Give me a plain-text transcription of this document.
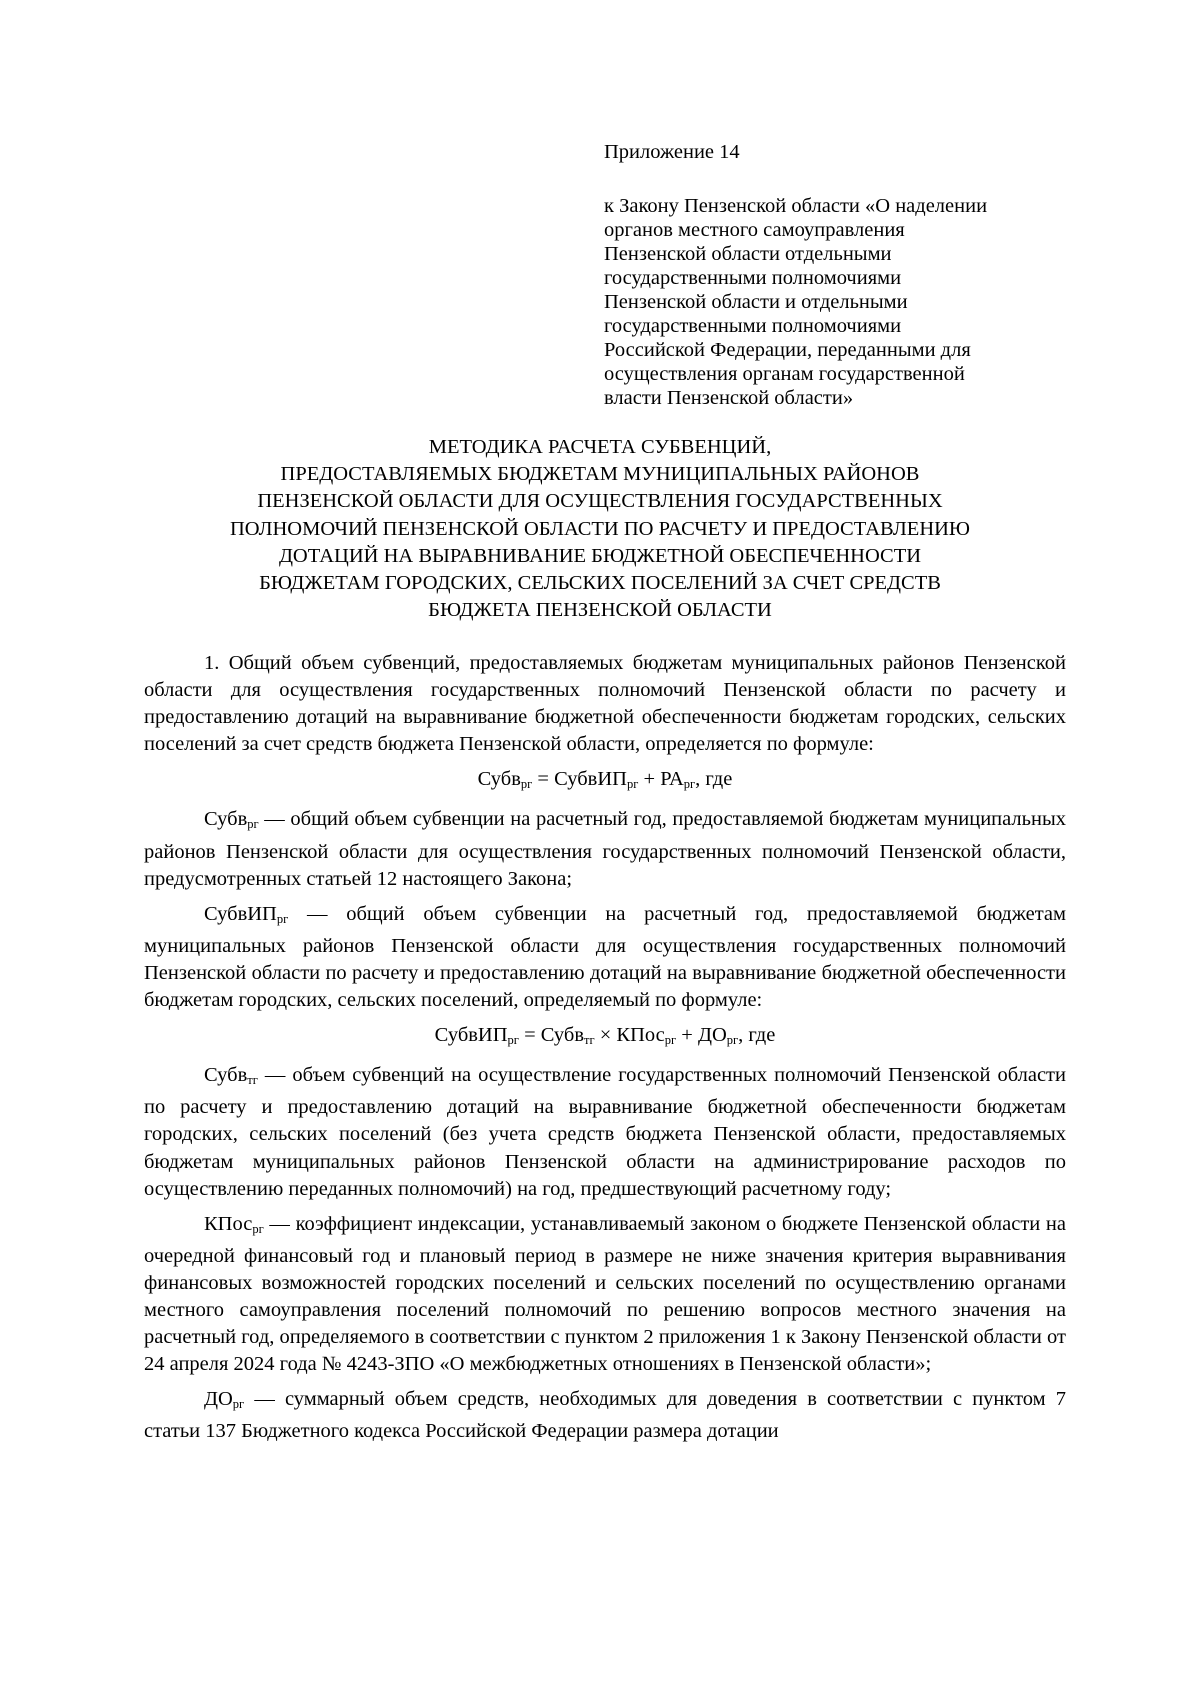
Приложение 14
к Закону Пензенской области «О наделении
органов местного самоуправления
Пензенской области отдельными
государственными полномочиями
Пензенской области и отдельными
государственными полномочиями
Российской Федерации, переданными для
осуществления органам государственной
власти Пензенской области»
МЕТОДИКА РАСЧЕТА СУБВЕНЦИЙ,
ПРЕДОСТАВЛЯЕМЫХ БЮДЖЕТАМ МУНИЦИПАЛЬНЫХ РАЙОНОВ
ПЕНЗЕНСКОЙ ОБЛАСТИ ДЛЯ ОСУЩЕСТВЛЕНИЯ ГОСУДАРСТВЕННЫХ
ПОЛНОМОЧИЙ ПЕНЗЕНСКОЙ ОБЛАСТИ ПО РАСЧЕТУ И ПРЕДОСТАВЛЕНИЮ
ДОТАЦИЙ НА ВЫРАВНИВАНИЕ БЮДЖЕТНОЙ ОБЕСПЕЧЕННОСТИ
БЮДЖЕТАМ ГОРОДСКИХ, СЕЛЬСКИХ ПОСЕЛЕНИЙ ЗА СЧЕТ СРЕДСТВ
БЮДЖЕТА ПЕНЗЕНСКОЙ ОБЛАСТИ

1. Общий объем субвенций, предоставляемых бюджетам муниципальных районов Пензенской области для осуществления государственных полномочий Пензенской области по расчету и предоставлению дотаций на выравнивание бюджетной обеспеченности бюджетам городских, сельских поселений за счет средств бюджета Пензенской области, определяется по формуле:

Субв$_{рг}$ = СубвИП$_{рг}$ + $РА_{рг}$, где

Субв$_{рг}$ — общий объем субвенции на расчетный год, предоставляемой бюджетам муниципальных районов Пензенской области для осуществления государственных полномочий Пензенской области, предусмотренных статьей 12 настоящего Закона;

СубвИП$_{рг}$ — общий объем субвенции на расчетный год, предоставляемой бюджетам муниципальных районов Пензенской области для осуществления государственных полномочий Пензенской области по расчету и предоставлению дотаций на выравнивание бюджетной обеспеченности бюджетам городских, сельских поселений, определяемый по формуле:

СубвИП$_{рг}$ = Субв$_{тг}$ × КПос$_{рг}$ + $ДО_{рг}$, где

Субв$_{тг}$ — объем субвенций на осуществление государственных полномочий Пензенской области по расчету и предоставлению дотаций на выравнивание бюджетной обеспеченности бюджетам городских, сельских поселений (без учета средств бюджета Пензенской области, предоставляемых бюджетам муниципальных районов Пензенской области на администрирование расходов по осуществлению переданных полномочий) на год, предшествующий расчетному году;

КПос$_{рг}$ — коэффициент индексации, устанавливаемый законом о бюджете Пензенской области на очередной финансовый год и плановый период в размере не ниже значения критерия выравнивания финансовых возможностей городских поселений и сельских поселений по осуществлению органами местного самоуправления поселений полномочий по решению вопросов местного значения на расчетный год, определяемого в соответствии с пунктом 2 приложения 1 к Закону Пензенской области от 24 апреля 2024 года № 4243-ЗПО «О межбюджетных отношениях в Пензенской области»;

$ДО_{рг}$ — суммарный объем средств, необходимых для доведения в соответствии с пунктом 7 статьи 137 Бюджетного кодекса Российской Федерации размера дотации
